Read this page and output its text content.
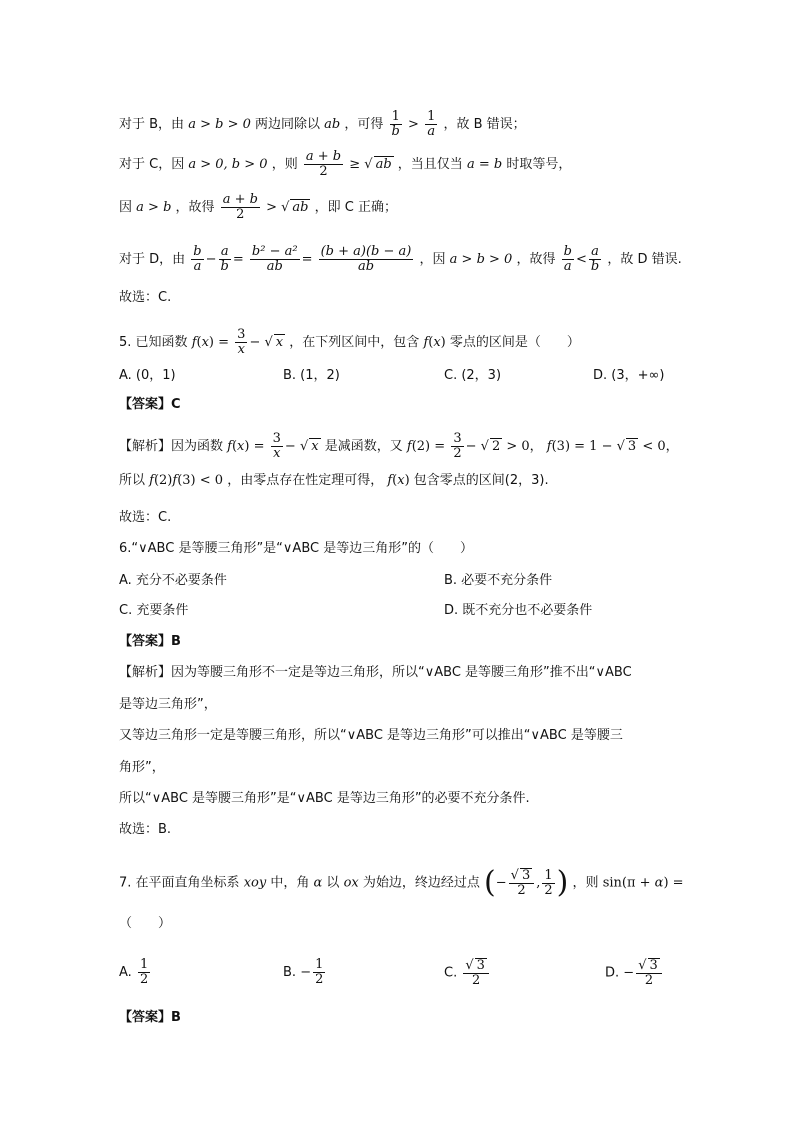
对于 B，由 a > b > 0 两边同除以 ab ，可得 $\frac{1}{b} > \frac{1}{a}$ ，故 B 错误；
对于 C，因 a > 0, b > 0 ，则 $\frac{a + b}{2}$ ≥ √ ab ，当且仅当 a = b 时取等号，
因 a > b ，故得 $\frac{a + b}{2}$ > √ ab ，即 C 正确；
对于 D，由 $\frac{b}{a} - \frac{a}{b} = \frac{\text{b² − a²}}{ab} = \frac{(b + a)(b - a)}{ab}$ ，因 a > b > 0 ，故得 $\frac{b}{a} < \frac{a}{b}$ ，故 D 错误.
故选：C.
5. 已知函数 $f(x) = \frac{3}{x}$ − √ x ，在下列区间中，包含 f(x) 零点的区间是（　　）
A. (0，1)	B. (1，2)	C. (2，3)	D. (3，+∞)
【答案】C
【解析】因为函数 $f(x) = \frac{3}{x}$ − √ x 是减函数，又 $f(2) = \frac{3}{2}$ − √ 2 > 0， f(3) = 1 − √ 3 < 0，
所以 f(2)f(3) < 0 ，由零点存在性定理可得， f(x) 包含零点的区间(2，3).
故选：C.
6.“∨ABC 是等腰三角形”是“∨ABC 是等边三角形”的（　　）
A. 充分不必要条件	B. 必要不充分条件
C. 充要条件	D. 既不充分也不必要条件
【答案】B
【解析】因为等腰三角形不一定是等边三角形，所以“∨ABC 是等腰三角形”推不出“∨ABC
是等边三角形”，
又等边三角形一定是等腰三角形，所以“∨ABC 是等边三角形”可以推出“∨ABC 是等腰三
角形”，
所以“∨ABC 是等腰三角形”是“∨ABC 是等边三角形”的必要不充分条件.
故选：B.
7. 在平面直角坐标系 xoy 中，角 α 以 ox 为始边，终边经过点 (− $\frac{√ 3}{2}$ , $\frac{1}{2}$ ) ，则 sin(π + α) =
（　　）
A. $\frac{1}{2}$	B. − $\frac{1}{2}$	C. $\frac{√ 3}{2}$	D. − $\frac{√ 3}{2}$
【答案】B
